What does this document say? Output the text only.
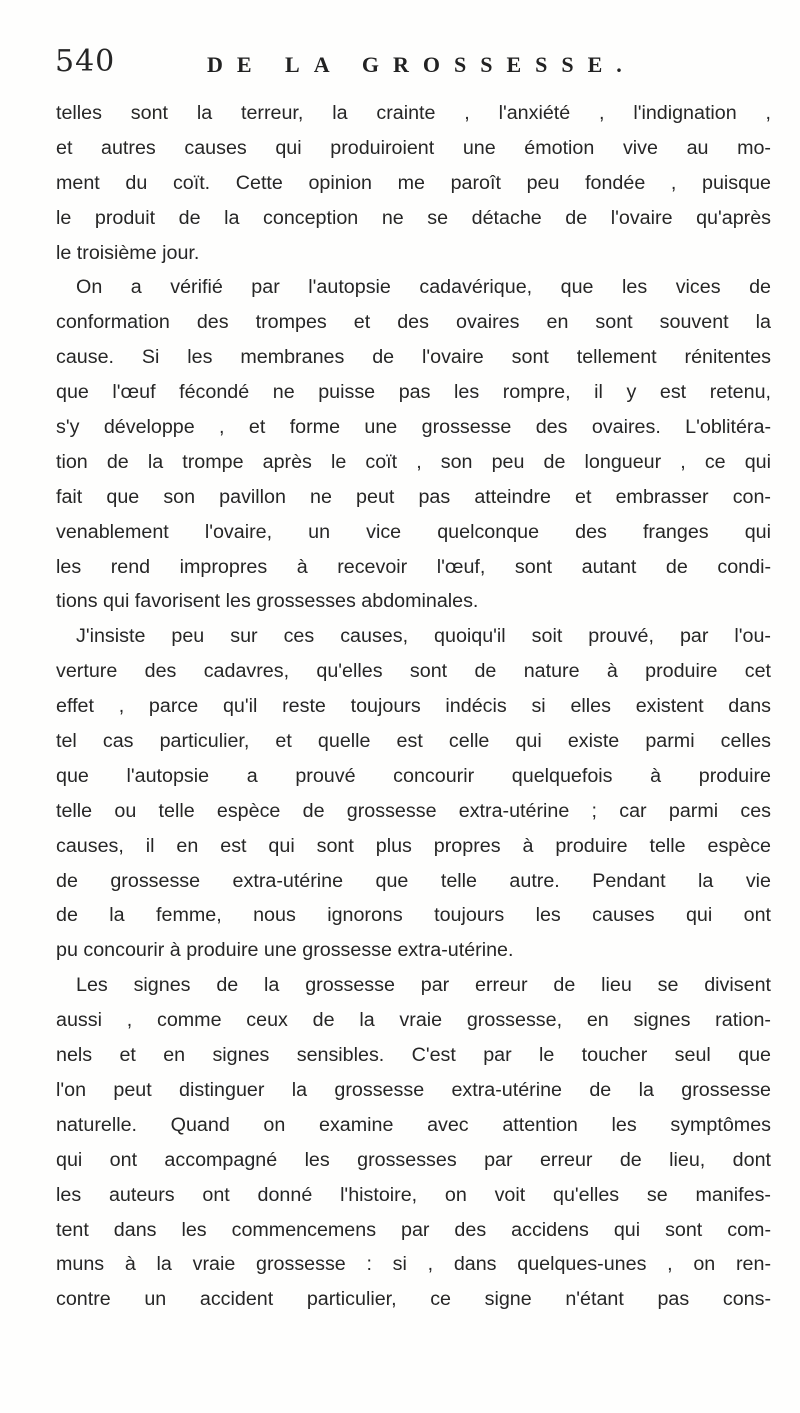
540	DE LA GROSSESSE.
telles sont la terreur, la crainte , l'anxiété , l'indignation ,
et autres causes qui produiroient une émotion vive au mo-
ment du coït. Cette opinion me paroît peu fondée , puisque
le produit de la conception ne se détache de l'ovaire qu'après
le troisième jour.
On a vérifié par l'autopsie cadavérique, que les vices de
conformation des trompes et des ovaires en sont souvent la
cause. Si les membranes de l'ovaire sont tellement rénitentes
que l'œuf fécondé ne puisse pas les rompre, il y est retenu,
s'y développe , et forme une grossesse des ovaires. L'oblitéra-
tion de la trompe après le coït , son peu de longueur , ce qui
fait que son pavillon ne peut pas atteindre et embrasser con-
venablement l'ovaire, un vice quelconque des franges qui
les rend impropres à recevoir l'œuf, sont autant de condi-
tions qui favorisent les grossesses abdominales.
J'insiste peu sur ces causes, quoiqu'il soit prouvé, par l'ou-
verture des cadavres, qu'elles sont de nature à produire cet
effet , parce qu'il reste toujours indécis si elles existent dans
tel cas particulier, et quelle est celle qui existe parmi celles
que l'autopsie a prouvé concourir quelquefois à produire
telle ou telle espèce de grossesse extra-utérine ; car parmi ces
causes, il en est qui sont plus propres à produire telle espèce
de grossesse extra-utérine que telle autre. Pendant la vie
de la femme, nous ignorons toujours les causes qui ont
pu concourir à produire une grossesse extra-utérine.
Les signes de la grossesse par erreur de lieu se divisent
aussi , comme ceux de la vraie grossesse, en signes ration-
nels et en signes sensibles. C'est par le toucher seul que
l'on peut distinguer la grossesse extra-utérine de la grossesse
naturelle. Quand on examine avec attention les symptômes
qui ont accompagné les grossesses par erreur de lieu, dont
les auteurs ont donné l'histoire, on voit qu'elles se manifes-
tent dans les commencemens par des accidens qui sont com-
muns à la vraie grossesse : si , dans quelques-unes , on ren-
contre un accident particulier, ce signe n'étant pas cons-
